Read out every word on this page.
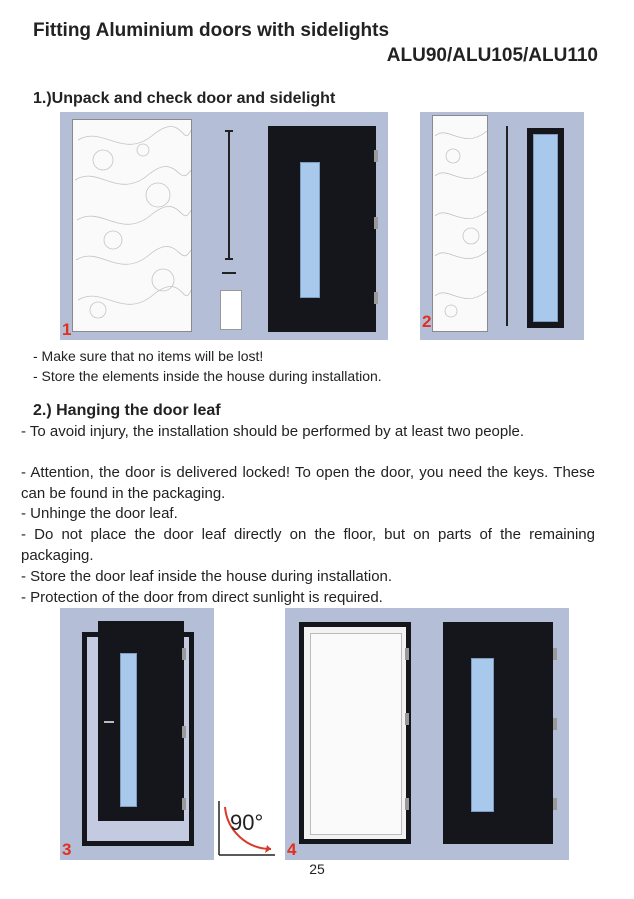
Fitting Aluminium doors with sidelights
ALU90/ALU105/ALU110
1.)Unpack and check door and sidelight
1	2
- Make sure that no items will be lost!
- Store the elements inside the house during installation.
2.) Hanging the door leaf
- To avoid injury, the installation should be performed by at least two people.
- Attention, the door is delivered locked! To open the door, you need the keys. These can be found in the packaging.
- Unhinge the door leaf.
- Do not place the door leaf directly on the floor, but on parts of the remaining packaging.
- Store the door leaf inside the house during installation.
- Protection of the door from direct sunlight is required.
3
90°
4
25
